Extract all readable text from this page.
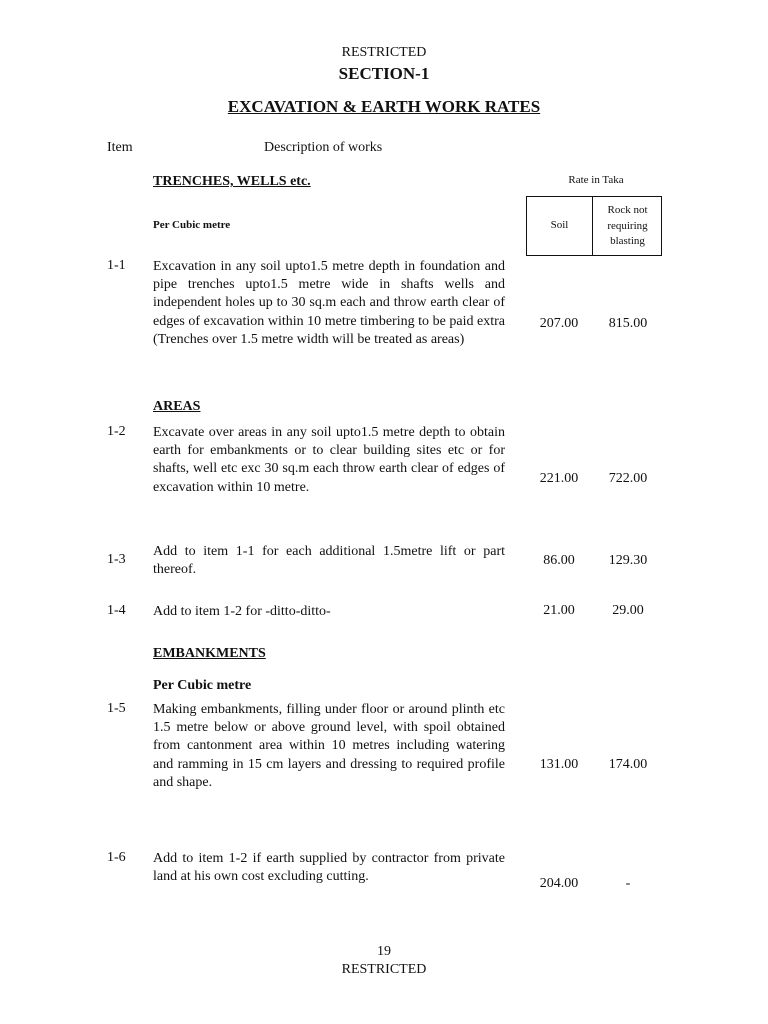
RESTRICTED
SECTION-1
EXCAVATION & EARTH WORK RATES
Item	Description of works
Rate in Taka
Soil
Rock not requiring blasting
TRENCHES, WELLS etc.
Per Cubic metre
1-1 Excavation in any soil upto1.5 metre depth in foundation and pipe trenches upto1.5 metre wide in shafts wells and independent holes up to 30 sq.m each and throw earth clear of edges of excavation within 10 metre timbering to be paid extra (Trenches over 1.5 metre width will be treated as areas)
207.00	815.00
AREAS
1-2 Excavate over areas in any soil upto1.5 metre depth to obtain earth for embankments or to clear building sites etc or for shafts, well etc exc 30 sq.m each throw earth clear of edges of excavation within 10 metre.
221.00	722.00
1-3
Add to item 1-1 for each additional 1.5metre lift or part thereof.
86.00	129.30
1-4 Add to item 1-2 for -ditto-ditto-	21.00	29.00
EMBANKMENTS
Per Cubic metre
1-5 Making embankments, filling under floor or around plinth etc 1.5 metre below or above ground level, with spoil obtained from cantonment area within 10 metres including watering and ramming in 15 cm layers and dressing to required profile and shape.
131.00	174.00
1-6 Add to item 1-2 if earth supplied by contractor from private land at his own cost excluding cutting.	204.00	-
19
RESTRICTED
